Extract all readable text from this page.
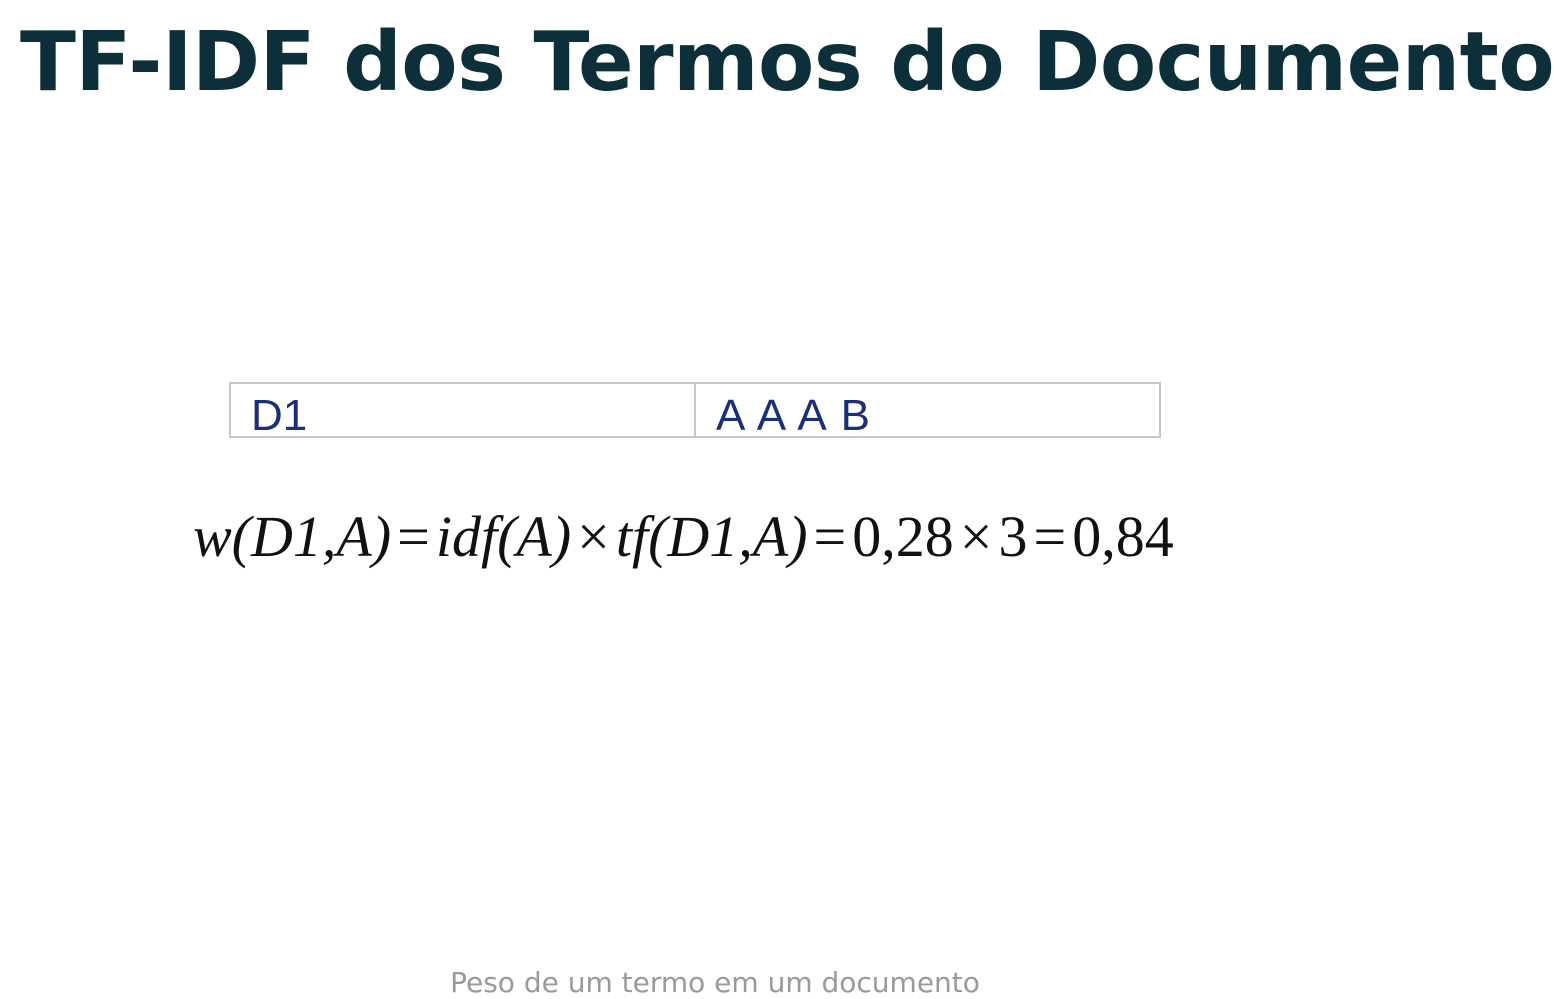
TF-IDF dos Termos do Documento
D1	A A A B
w(D1,A) = idf(A) × tf(D1,A) = 0,28 × 3 = 0,84
Peso de um termo em um documento
